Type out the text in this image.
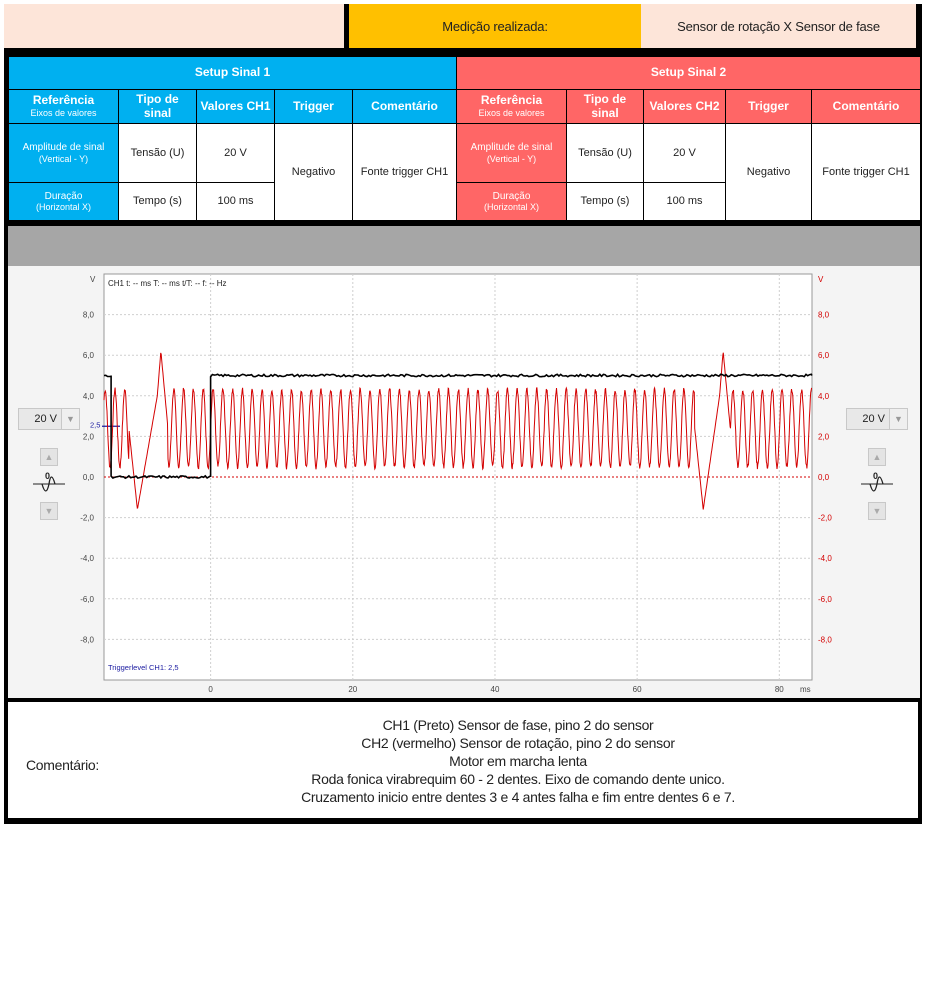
Medição realizada:	Sensor de rotação X Sensor de fase
Setup Sinal 1				
Referência
Eixos de valores	Tipo de sinal	Valores CH1	Trigger	Comentário
Amplitude de sinal
(Vertical - Y)	Tensão (U)	20 V	Negativo	Fonte trigger CH1
Duração
(Horizontal X)	Tempo (s)	100 ms		
Setup Sinal 2				
Referência
Eixos de valores	Tipo de sinal	Valores CH2	Trigger	Comentário
Amplitude de sinal
(Vertical - Y)	Tensão (U)	20 V	Negativo	Fonte trigger CH1
Duração
(Horizontal X)	Tempo (s)	100 ms		
8,0	8,0
6,0	6,0
4,0	4,0
2,0	2,0
0,0	0,0
-2,0	-2,0
-4,0	-4,0
-6,0	-6,0
-8,0	-8,0
V	V
0	20	40	60	80 ms
CH1 t: -- ms T: -- ms t/T: -- f: -- Hz
Triggerlevel CH1: 2,5
2,5
20 V	▼
▲
0
▼
20 V	▼
▲
0
▼
Comentário:
CH1 (Preto) Sensor de fase, pino 2 do sensor
CH2 (vermelho) Sensor de rotação, pino 2 do sensor
Motor em marcha lenta
Roda fonica virabrequim 60 - 2 dentes. Eixo de comando dente unico.
Cruzamento inicio entre dentes 3 e 4 antes falha e fim entre dentes 6 e 7.
